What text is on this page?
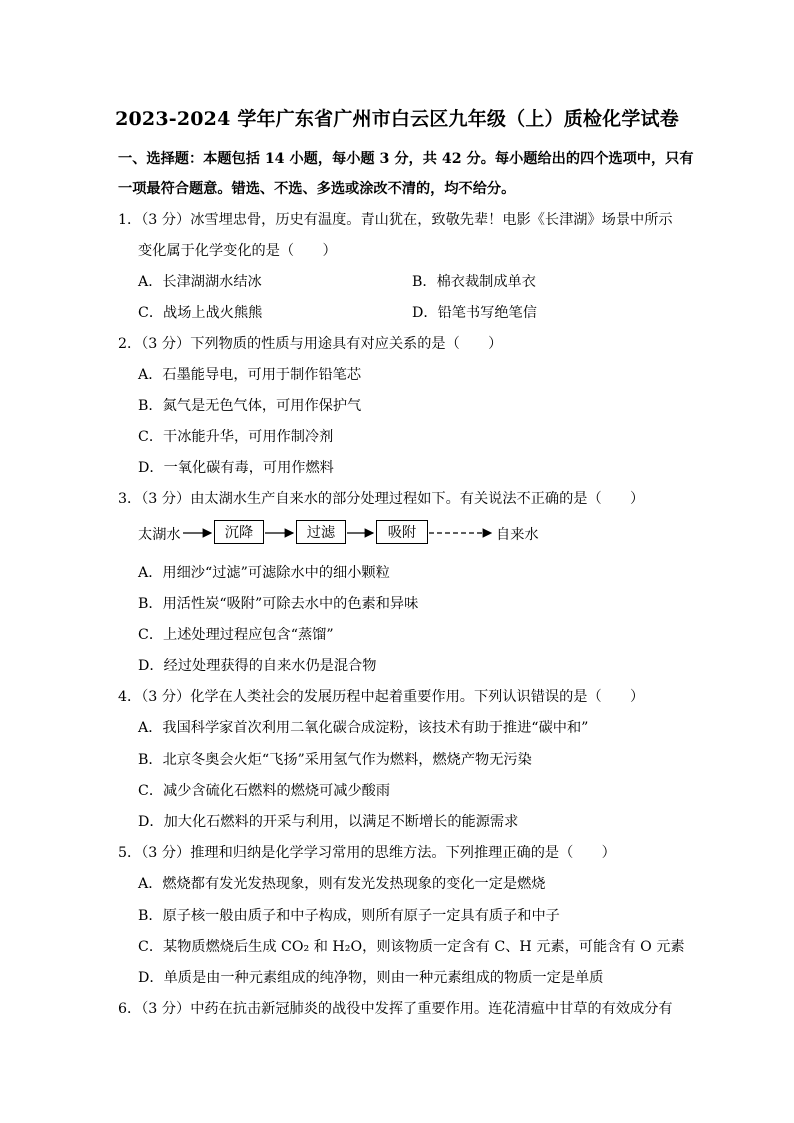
2023-2024 学年广东省广州市白云区九年级（上）质检化学试卷
一、选择题：本题包括 14 小题，每小题 3 分，共 42 分。每小题给出的四个选项中，只有
一项最符合题意。错选、不选、多选或涂改不清的，均不给分。
1．（3 分）冰雪埋忠骨，历史有温度。青山犹在，致敬先辈！电影《长津湖》场景中所示
变化属于化学变化的是（　　）
A．长津湖湖水结冰	B．棉衣裁制成单衣
C．战场上战火熊熊	D．铅笔书写绝笔信
2．（3 分）下列物质的性质与用途具有对应关系的是（　　）
A．石墨能导电，可用于制作铅笔芯
B．氮气是无色气体，可用作保护气
C．干冰能升华，可用作制冷剂
D．一氧化碳有毒，可用作燃料
3．（3 分）由太湖水生产自来水的部分处理过程如下。有关说法不正确的是（　　）
太湖水	沉降	过滤	吸附	自来水
A．用细沙“过滤”可滤除水中的细小颗粒
B．用活性炭“吸附”可除去水中的色素和异味
C．上述处理过程应包含“蒸馏”
D．经过处理获得的自来水仍是混合物
4．（3 分）化学在人类社会的发展历程中起着重要作用。下列认识错误的是（　　）
A．我国科学家首次利用二氧化碳合成淀粉，该技术有助于推进“碳中和”
B．北京冬奥会火炬“飞扬”采用氢气作为燃料，燃烧产物无污染
C．减少含硫化石燃料的燃烧可减少酸雨
D．加大化石燃料的开采与利用，以满足不断增长的能源需求
5．（3 分）推理和归纳是化学学习常用的思维方法。下列推理正确的是（　　）
A．燃烧都有发光发热现象，则有发光发热现象的变化一定是燃烧
B．原子核一般由质子和中子构成，则所有原子一定具有质子和中子
C．某物质燃烧后生成 CO₂ 和 H₂O，则该物质一定含有 C、H 元素，可能含有 O 元素
D．单质是由一种元素组成的纯净物，则由一种元素组成的物质一定是单质
6．（3 分）中药在抗击新冠肺炎的战役中发挥了重要作用。连花清瘟中甘草的有效成分有
